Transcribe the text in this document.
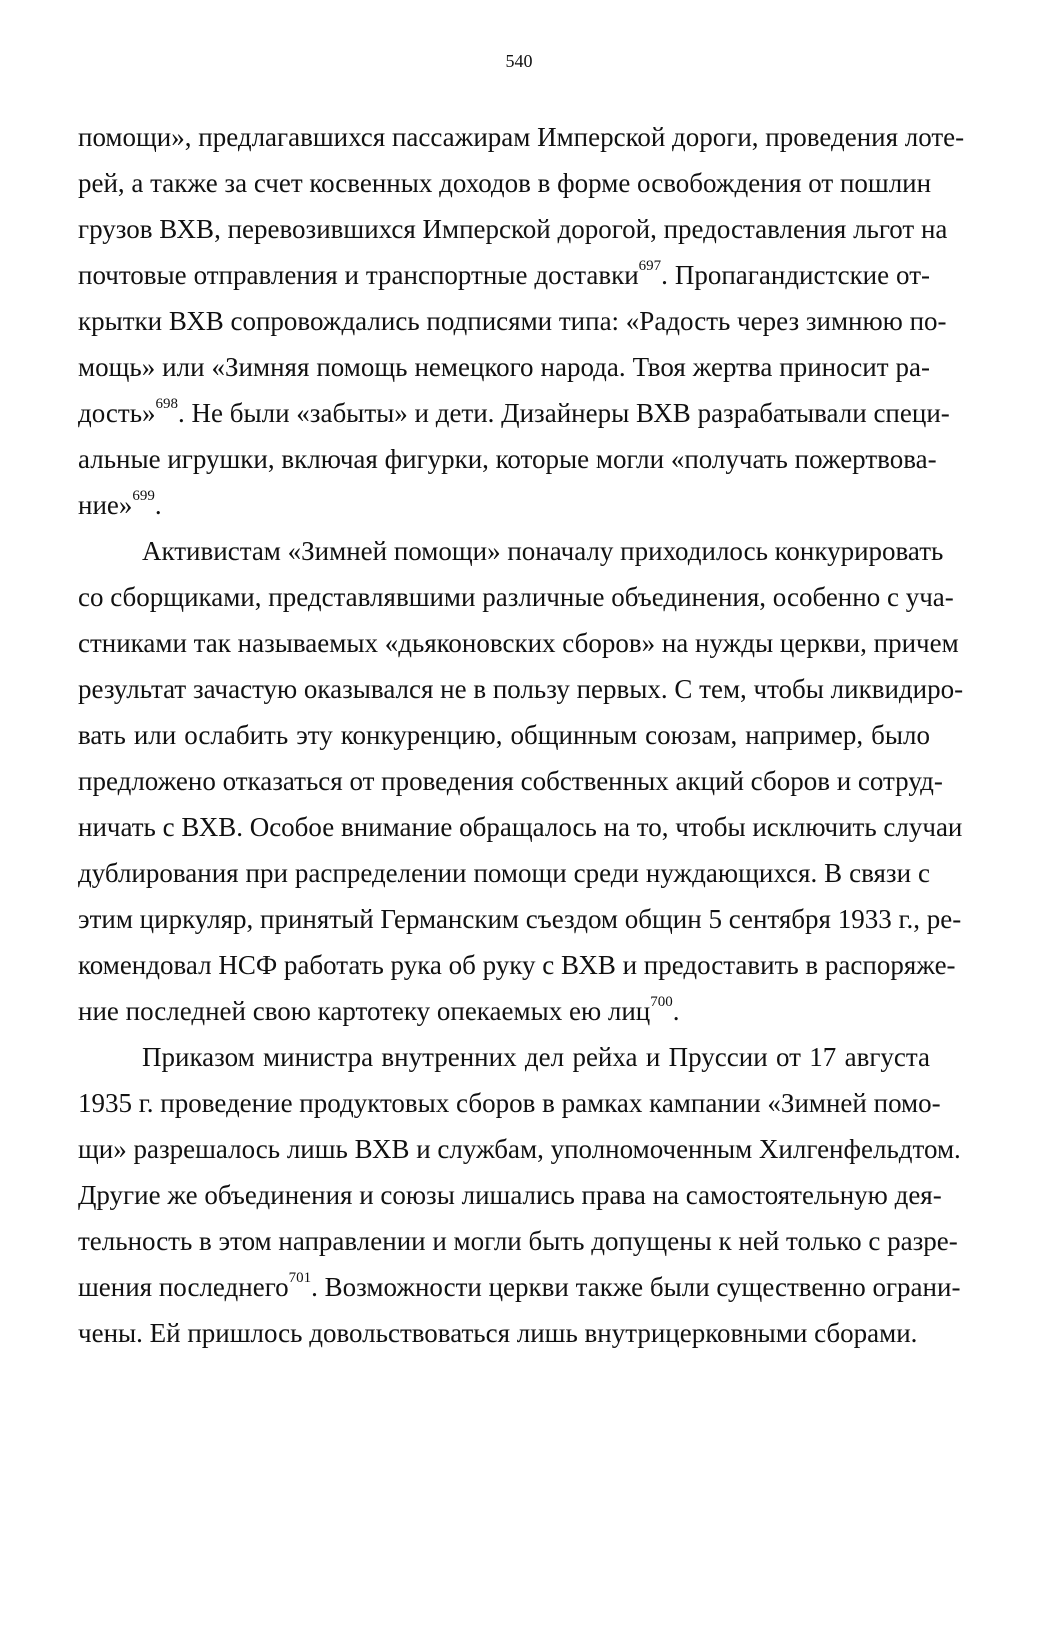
540
помощи», предлагавшихся пассажирам Имперской дороги, проведения лоте-
рей, а также за счет косвенных доходов в форме освобождения от пошлин
грузов ВХВ, перевозившихся Имперской дорогой, предоставления льгот на
почтовые отправления и транспортные доставки$^{697}$. Пропагандистские от-
крытки ВХВ сопровождались подписями типа: «Радость через зимнюю по-
мощь» или «Зимняя помощь немецкого народа. Твоя жертва приносит ра-
дость»$^{698}$. Не были «забыты» и дети. Дизайнеры ВХВ разрабатывали специ-
альные игрушки, включая фигурки, которые могли «получать пожертвова-
ние»$^{699}$.
Активистам «Зимней помощи» поначалу приходилось конкурировать
со сборщиками, представлявшими различные объединения, особенно с уча-
стниками так называемых «дьяконовских сборов» на нужды церкви, причем
результат зачастую оказывался не в пользу первых. С тем, чтобы ликвидиро-
вать или ослабить эту конкуренцию, общинным союзам, например, было
предложено отказаться от проведения собственных акций сборов и сотруд-
ничать с ВХВ. Особое внимание обращалось на то, чтобы исключить случаи
дублирования при распределении помощи среди нуждающихся. В связи с
этим циркуляр, принятый Германским съездом общин 5 сентября 1933 г., ре-
комендовал НСФ работать рука об руку с ВХВ и предоставить в распоряже-
ние последней свою картотеку опекаемых ею лиц$^{700}$.
Приказом министра внутренних дел рейха и Пруссии от 17 августа
1935 г. проведение продуктовых сборов в рамках кампании «Зимней помо-
щи» разрешалось лишь ВХВ и службам, уполномоченным Хилгенфельдтом.
Другие же объединения и союзы лишались права на самостоятельную дея-
тельность в этом направлении и могли быть допущены к ней только с разре-
шения последнего$^{701}$. Возможности церкви также были существенно ограни-
чены. Ей пришлось довольствоваться лишь внутрицерковными сборами.
